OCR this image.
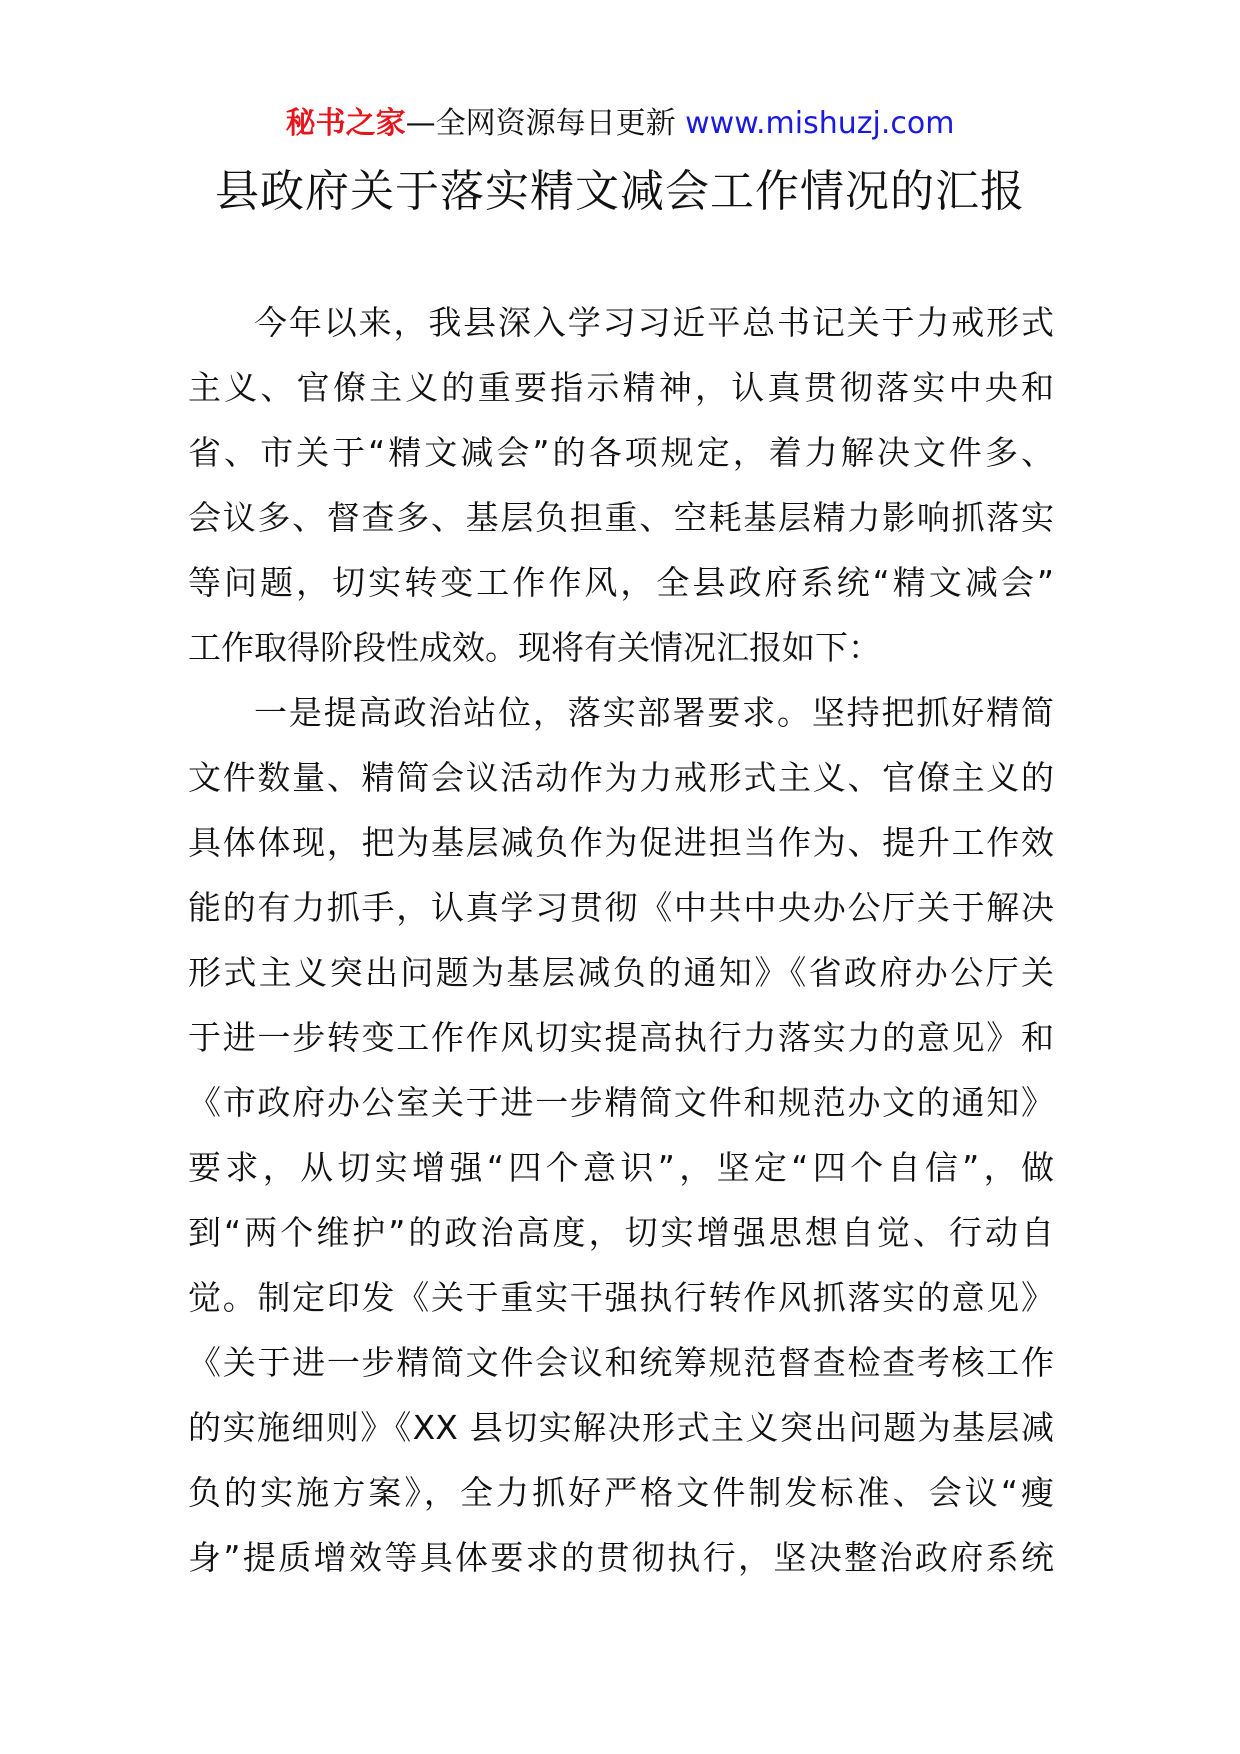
秘书之家—全网资源每日更新 www.mishuzj.com
县政府关于落实精文减会工作情况的汇报
今年以来，我县深入学习习近平总书记关于力戒形式
主义、官僚主义的重要指示精神，认真贯彻落实中央和
省、市关于“精文减会”的各项规定，着力解决文件多、
会议多、督查多、基层负担重、空耗基层精力影响抓落实
等问题，切实转变工作作风，全县政府系统“精文减会”
工作取得阶段性成效。现将有关情况汇报如下：
一是提高政治站位，落实部署要求。坚持把抓好精简
文件数量、精简会议活动作为力戒形式主义、官僚主义的
具体体现，把为基层减负作为促进担当作为、提升工作效
能的有力抓手，认真学习贯彻《中共中央办公厅关于解决
形式主义突出问题为基层减负的通知》《省政府办公厅关
于进一步转变工作作风切实提高执行力落实力的意见》和
《市政府办公室关于进一步精简文件和规范办文的通知》
要求，从切实增强“四个意识”，坚定“四个自信”，做
到“两个维护”的政治高度，切实增强思想自觉、行动自
觉。制定印发《关于重实干强执行转作风抓落实的意见》
《关于进一步精简文件会议和统筹规范督查检查考核工作
的实施细则》《XX 县切实解决形式主义突出问题为基层减
负的实施方案》，全力抓好严格文件制发标准、会议“瘦
身”提质增效等具体要求的贯彻执行，坚决整治政府系统
